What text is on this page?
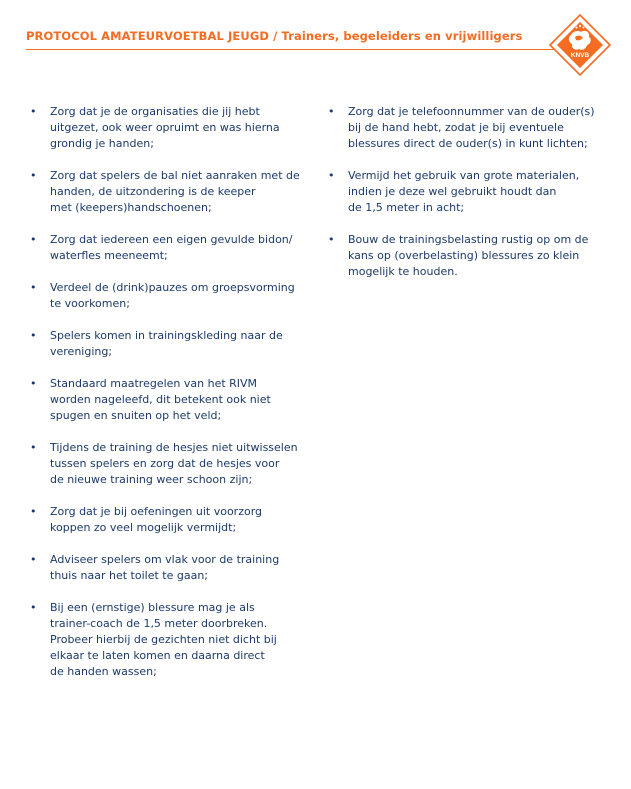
PROTOCOL AMATEURVOETBAL JEUGD / Trainers, begeleiders en vrijwilligers
KNVB
• Zorg dat je de organisaties die jij hebt
uitgezet, ook weer opruimt en was hierna
grondig je handen;
• Zorg dat spelers de bal niet aanraken met de
handen, de uitzondering is de keeper
met (keepers)handschoenen;
• Zorg dat iedereen een eigen gevulde bidon/
waterfles meeneemt;
• Verdeel de (drink)pauzes om groepsvorming
te voorkomen;
• Spelers komen in trainingskleding naar de
vereniging;
• Standaard maatregelen van het RIVM
worden nageleefd, dit betekent ook niet
spugen en snuiten op het veld;
• Tijdens de training de hesjes niet uitwisselen
tussen spelers en zorg dat de hesjes voor
de nieuwe training weer schoon zijn;
• Zorg dat je bij oefeningen uit voorzorg
koppen zo veel mogelijk vermijdt;
• Adviseer spelers om vlak voor de training
thuis naar het toilet te gaan;
• Bij een (ernstige) blessure mag je als
trainer-coach de 1,5 meter doorbreken.
Probeer hierbij de gezichten niet dicht bij
elkaar te laten komen en daarna direct
de handen wassen;
• Zorg dat je telefoonnummer van de ouder(s)
bij de hand hebt, zodat je bij eventuele
blessures direct de ouder(s) in kunt lichten;
• Vermijd het gebruik van grote materialen,
indien je deze wel gebruikt houdt dan
de 1,5 meter in acht;
• Bouw de trainingsbelasting rustig op om de
kans op (overbelasting) blessures zo klein
mogelijk te houden.
